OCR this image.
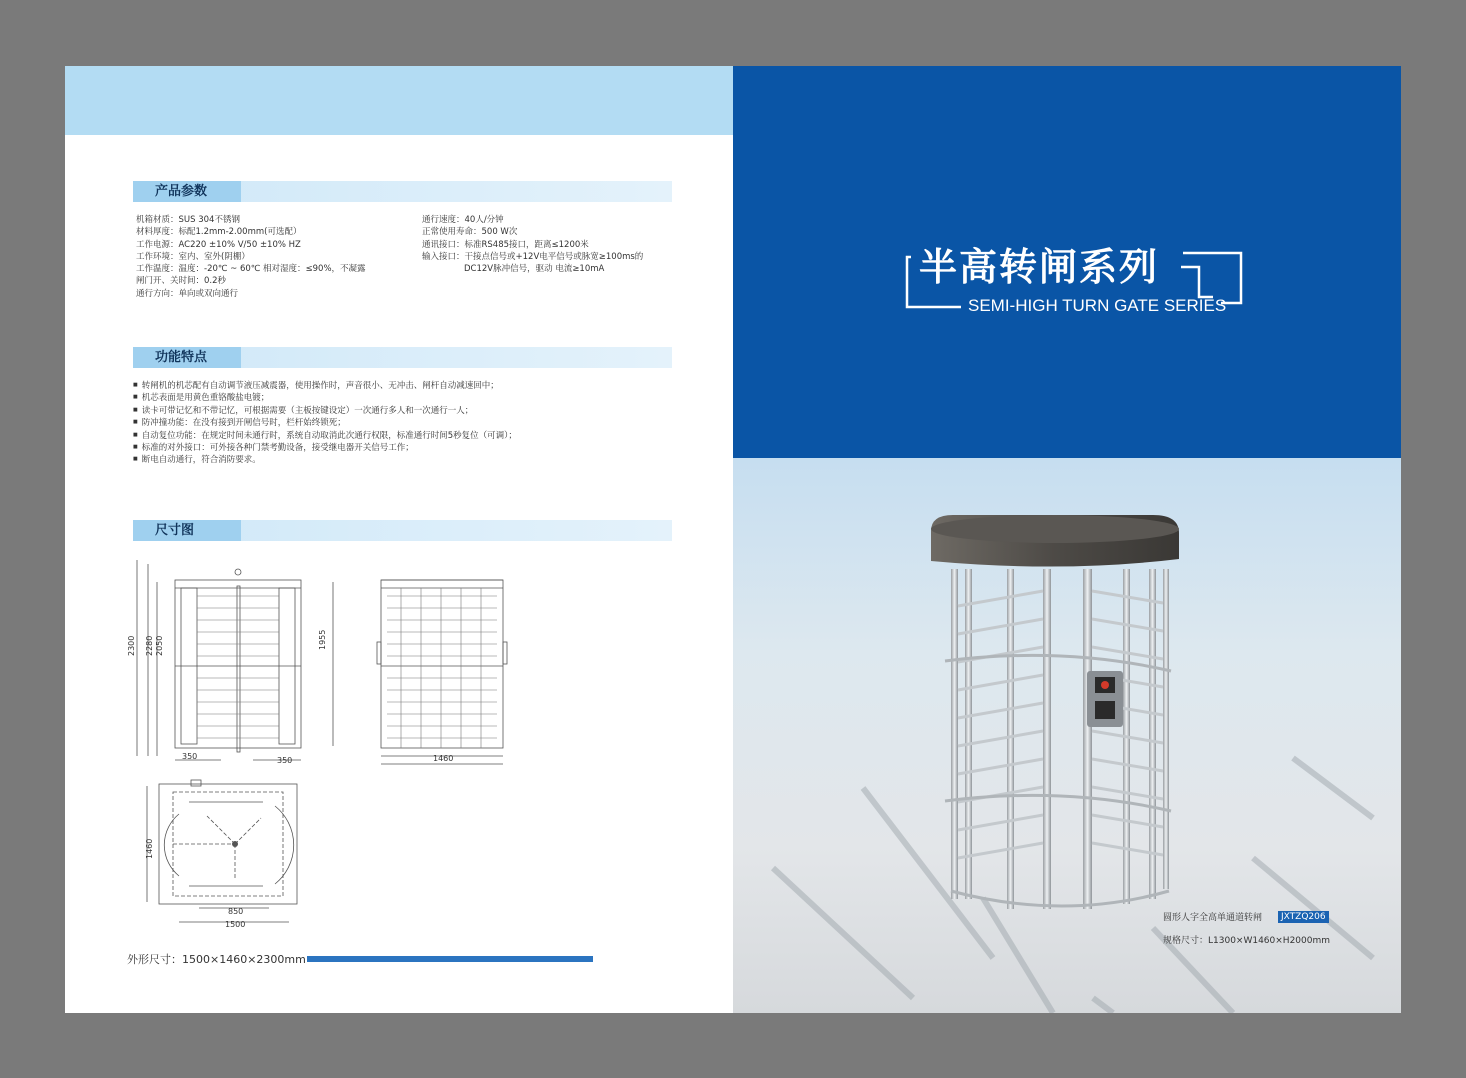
产品参数
机箱材质：SUS 304不锈钢
材料厚度：标配1.2mm-2.00mm(可选配）
工作电源：AC220 ±10% V/50 ±10% HZ
工作环境：室内、室外(阴棚）
工作温度：温度：-20℃ ~ 60℃ 相对湿度：≤90%，不凝露
闸门开、关时间：0.2秒
通行方向：单向或双向通行
通行速度：40人/分钟
正常使用寿命：500 W次
通讯接口：标准RS485接口，距离≤1200米
输入接口：干接点信号或+12V电平信号或脉宽≥100ms的
DC12V脉冲信号，驱动 电流≥10mA
功能特点
■ 转闸机的机芯配有自动调节液压减震器，使用操作时，声音很小、无冲击、闸杆自动减速回中；
■ 机芯表面是用黄色重铬酸盐电镀；
■ 读卡可带记忆和不带记忆，可根据需要（主板按键设定）一次通行多人和一次通行一人；
■ 防冲撞功能：在没有接到开闸信号时，栏杆始终锁死；
■ 自动复位功能：在规定时间未通行时，系统自动取消此次通行权限，标准通行时间5秒复位（可调）；
■ 标准的对外接口：可外接各种门禁考勤设备，接受继电器开关信号工作；
■ 断电自动通行，符合消防要求。
尺寸图
2300 2280 2050
350	350
1955
1460
1460
850
1500
外形尺寸：1500×1460×2300mm
半高转闸系列
SEMI-HIGH TURN GATE SERIES
圆形人字全高单通道转闸	JXTZQ206
规格尺寸：L1300×W1460×H2000mm
